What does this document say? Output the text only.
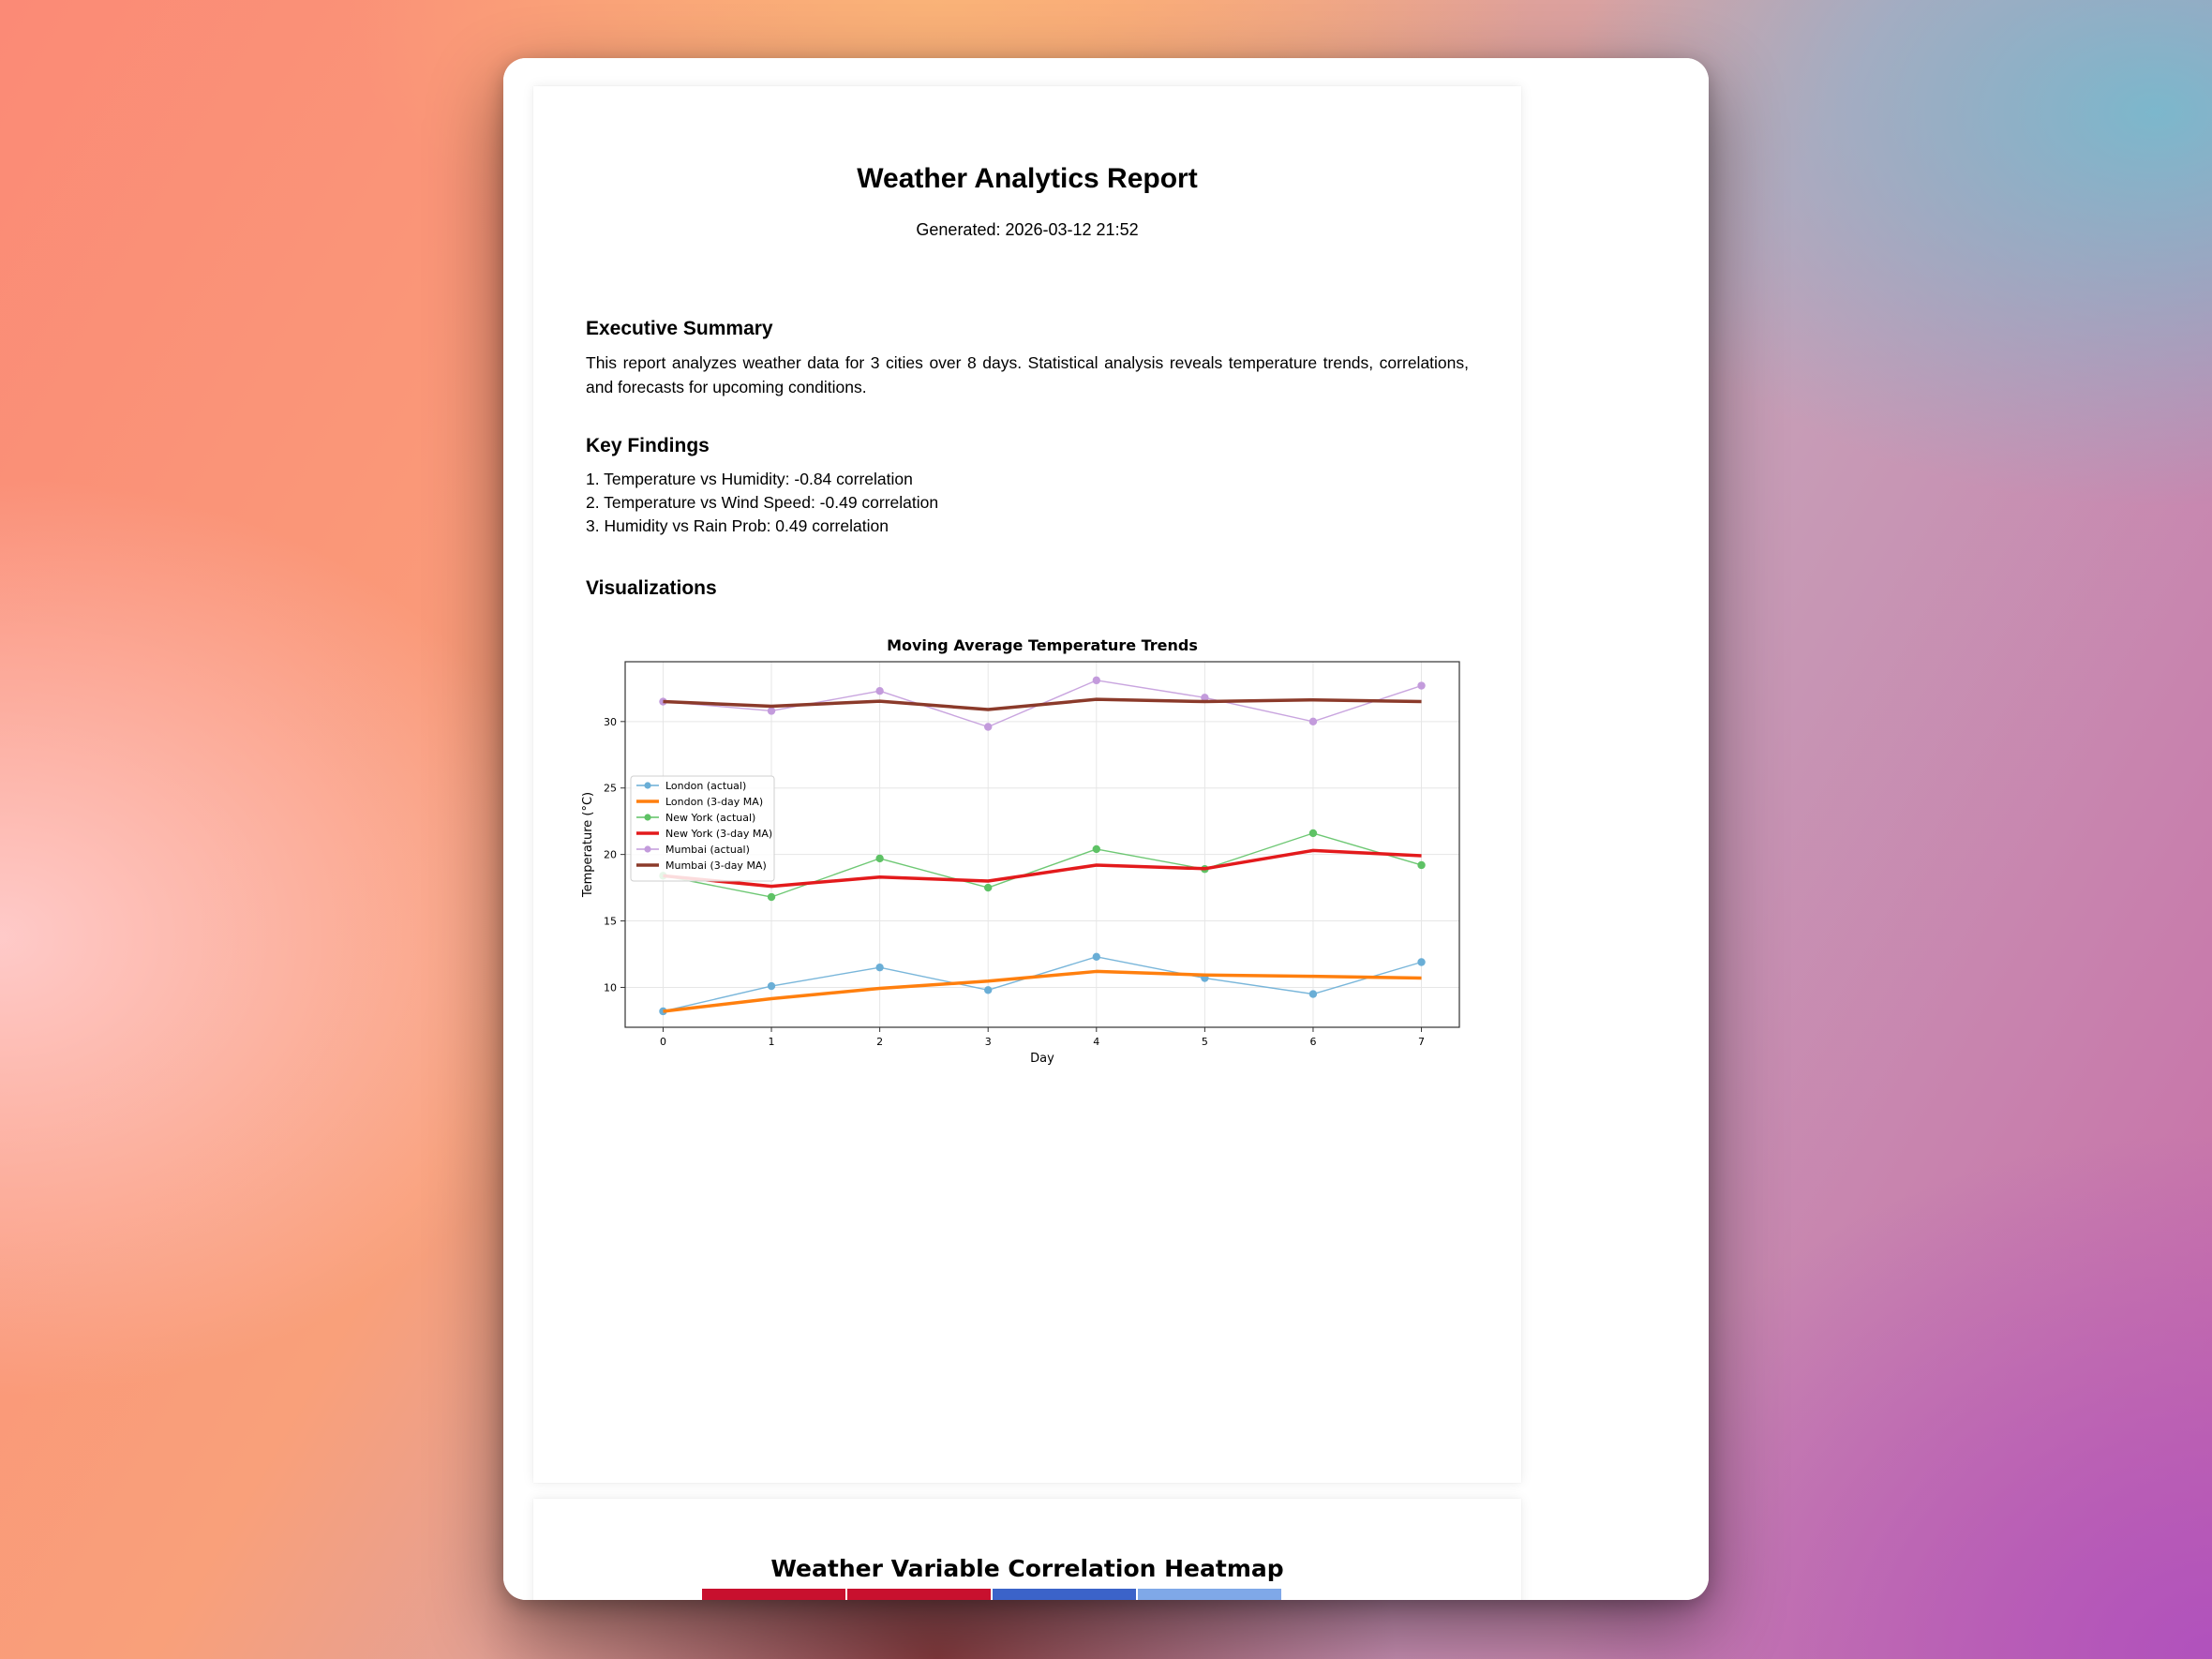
Weather Analytics Report
Generated: 2026-03-12 21:52
Executive Summary
This report analyzes weather data for 3 cities over 8 days. Statistical analysis reveals temperature trends, correlations, and forecasts for upcoming conditions.
Key Findings
1. Temperature vs Humidity: -0.84 correlation
2. Temperature vs Wind Speed: -0.49 correlation
3. Humidity vs Rain Prob: 0.49 correlation
Visualizations
Moving Average Temperature Trends
0	1	2	3	4	5	6	7
10
15
20
25
30
Day
Temperature (°C)
London (actual)
London (3-day MA)
New York (actual)
New York (3-day MA)
Mumbai (actual)
Mumbai (3-day MA)
Weather Variable Correlation Heatmap
